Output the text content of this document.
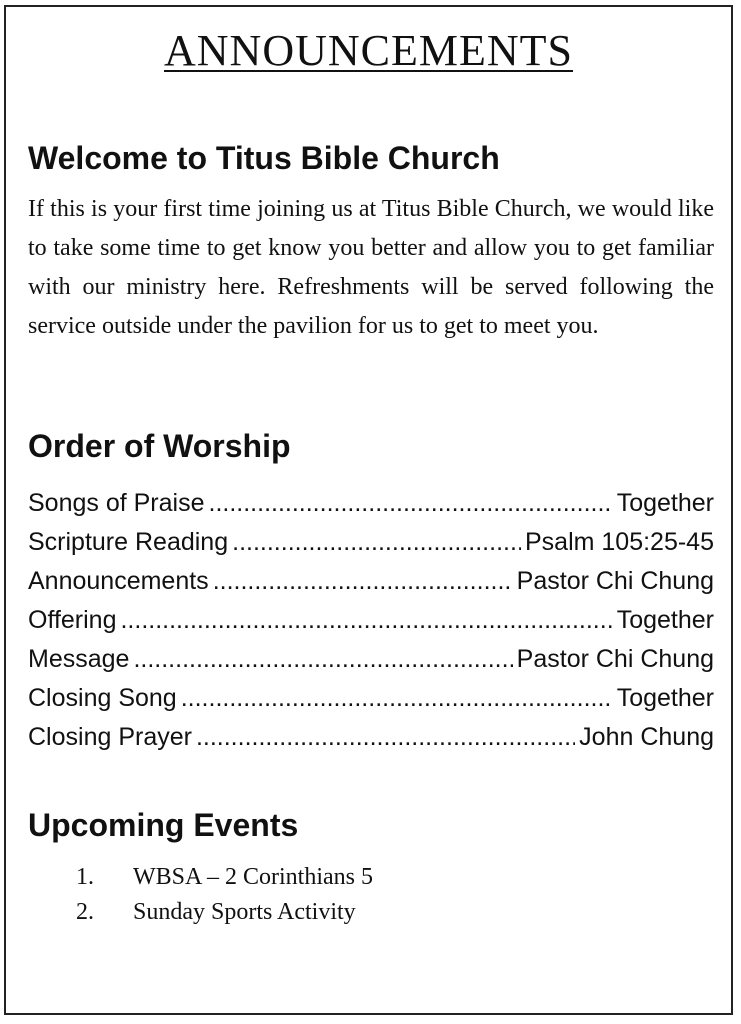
ANNOUNCEMENTS
Welcome to Titus Bible Church

If this is your first time joining us at Titus Bible Church, we would like to take some time to get know you better and allow you to get familiar with our ministry here. Refreshments will be served following the service outside under the pavilion for us to get to meet you.

Order of Worship
Songs of Praise .....	Together
Scripture Reading .....	Psalm 105:25-45
Announcements .....	Pastor Chi Chung
Offering .....	Together
Message .....	Pastor Chi Chung
Closing Song .....	Together
Closing Prayer .....	John Chung
Upcoming Events
1.	WBSA – 2 Corinthians 5
2.	Sunday Sports Activity
